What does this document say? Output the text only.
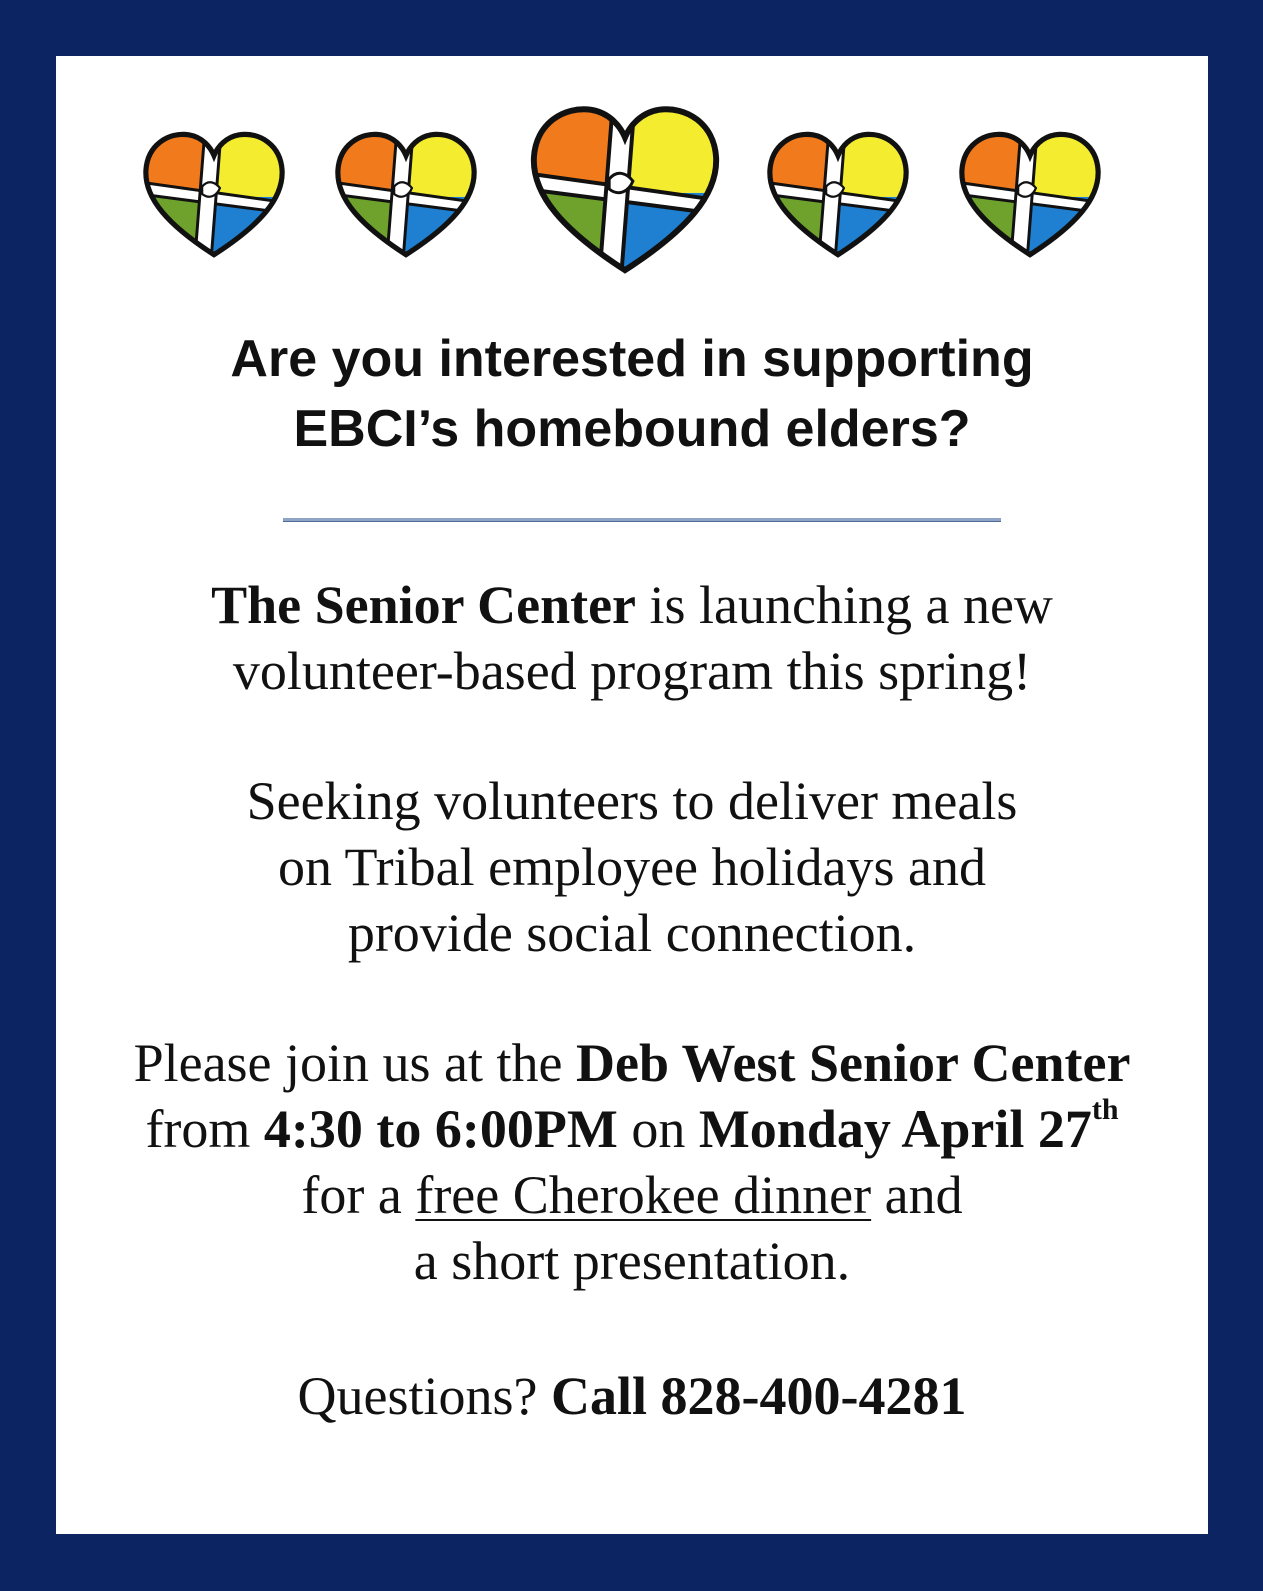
Are you interested in supporting
EBCI’s homebound elders?
The Senior Center is launching a new
volunteer-based program this spring!
Seeking volunteers to deliver meals
on Tribal employee holidays and
provide social connection.
Please join us at the Deb West Senior Center
from 4:30 to 6:00PM on Monday April 27th
for a free Cherokee dinner and
a short presentation.
Questions? Call 828-400-4281
